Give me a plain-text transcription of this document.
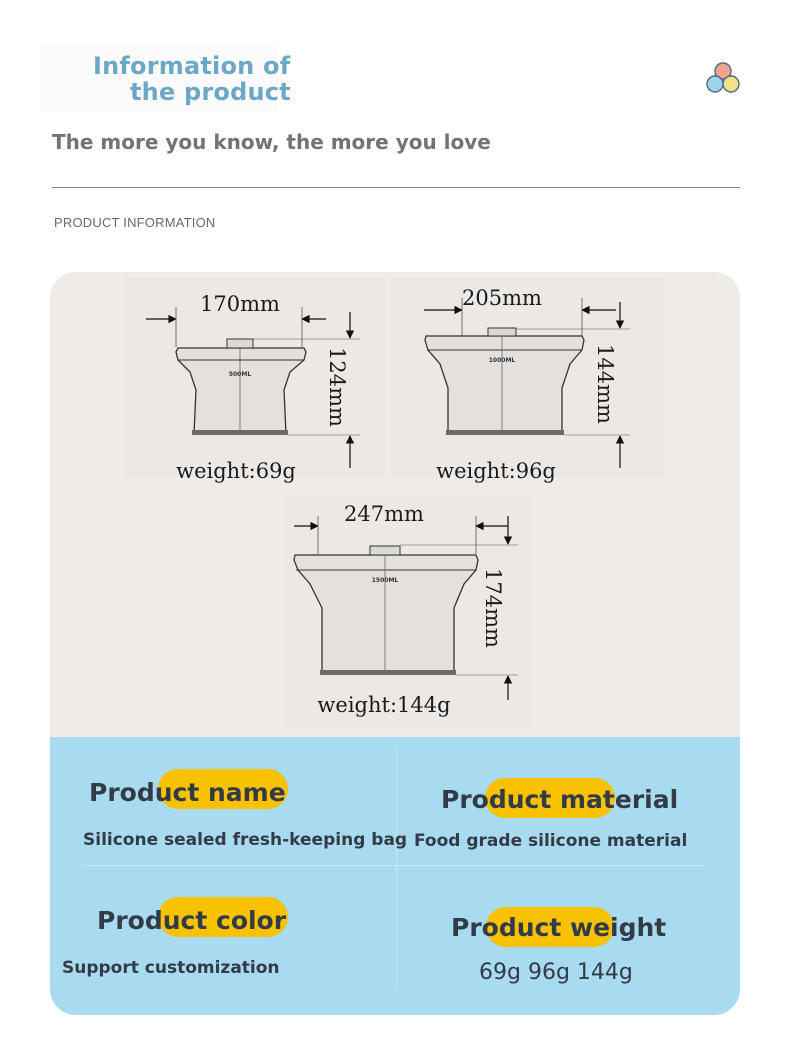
Information of
the product
The more you know, the more you love
PRODUCT INFORMATION
170mm
500ML	124mm
weight:69g
205mm
1000ML	144mm
weight:96g
247mm
1500ML	174mm
weight:144g
Product name
Silicone sealed fresh-keeping bag
Product material
Food grade silicone material
Product color
Support customization
Product weight
69g 96g 144g
